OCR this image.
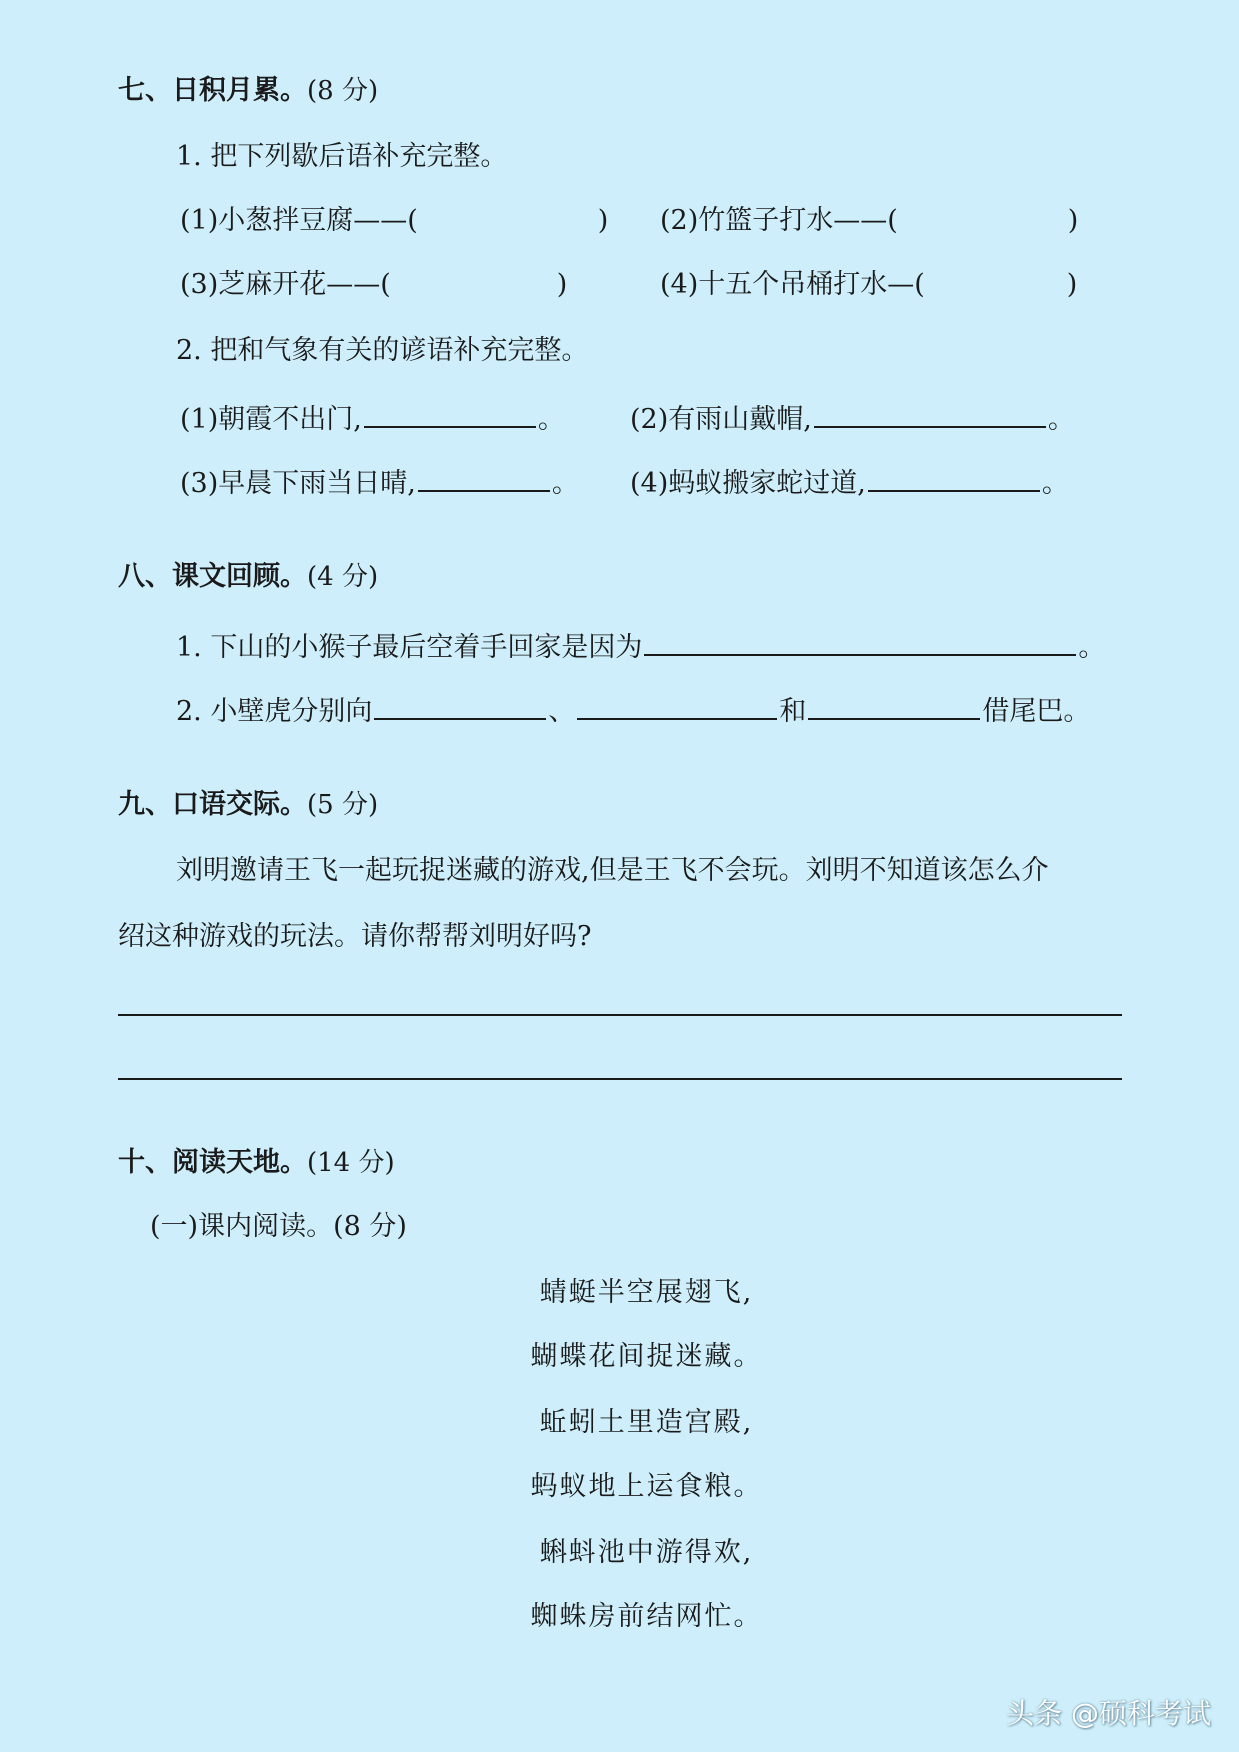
七、日积月累。(8 分)
1. 把下列歇后语补充完整。
(1)小葱拌豆腐——(	) (2)竹篮子打水——(	)
(3)芝麻开花——(	)	(4)十五个吊桶打水—(	)
2. 把和气象有关的谚语补充完整。
(1)朝霞不出门,	。 (2)有雨山戴帽,	。
(3)早晨下雨当日晴,	。 (4)蚂蚁搬家蛇过道,	。
八、课文回顾。(4 分)
1. 下山的小猴子最后空着手回家是因为	。
2. 小壁虎分别向	、	和	借尾巴。
九、口语交际。(5 分)
刘明邀请王飞一起玩捉迷藏的游戏,但是王飞不会玩。刘明不知道该怎么介
绍这种游戏的玩法。请你帮帮刘明好吗?
十、阅读天地。(14 分)
(一)课内阅读。(8 分)
蜻蜓半空展翅飞,
蝴蝶花间捉迷藏。
蚯蚓土里造宫殿,
蚂蚁地上运食粮。
蝌蚪池中游得欢,
蜘蛛房前结网忙。
头条 @硕科考试
